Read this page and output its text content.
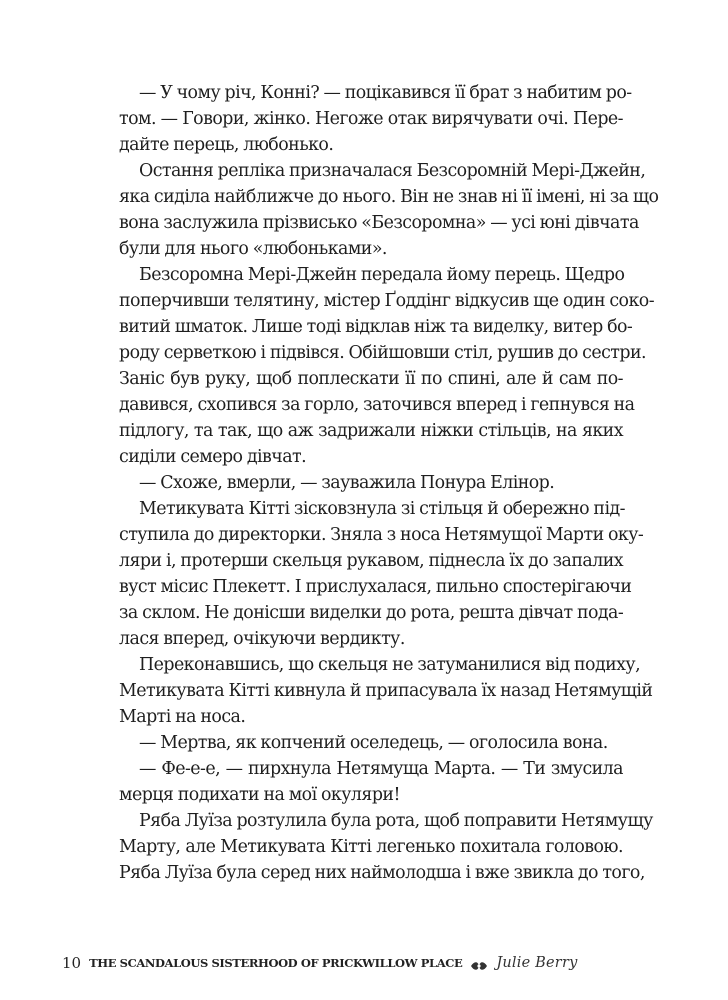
— У чому річ, Конні? — поцікавився її брат з набитим ро-
том. — Говори, жінко. Негоже отак вирячувати очі. Пере-
дайте перець, любонько.
Остання репліка призначалася Безсоромній Мері-Джейн,
яка сиділа найближче до нього. Він не знав ні її імені, ні за що
вона заслужила прізвисько «Безсоромна» — усі юні дівчата
були для нього «любоньками».
Безсоромна Мері-Джейн передала йому перець. Щедро
поперчивши телятину, містер Ґоддінг відкусив ще один соко-
витий шматок. Лише тоді відклав ніж та виделку, витер бо-
роду серветкою і підвівся. Обійшовши стіл, рушив до сестри.
Заніс був руку, щоб поплескати її по спині, але й сам по-
давився, схопився за горло, заточився вперед і гепнувся на
підлогу, та так, що аж задрижали ніжки стільців, на яких
сиділи семеро дівчат.
— Схоже, вмерли, — зауважила Понура Елінор.
Метикувата Кітті зісковзнула зі стільця й обережно під-
ступила до директорки. Зняла з носа Нетямущої Марти оку-
ляри і, протерши скельця рукавом, піднесла їх до запалих
вуст місис Плекетт. І прислухалася, пильно спостерігаючи
за склом. Не донісши виделки до рота, решта дівчат пода-
лася вперед, очікуючи вердикту.
Переконавшись, що скельця не затуманилися від подиху,
Метикувата Кітті кивнула й припасувала їх назад Нетямущій
Марті на носа.
— Мертва, як копчений оселедець, — оголосила вона.
— Фе-е-е, — пирхнула Нетямуща Марта. — Ти змусила
мерця подихати на мої окуляри!
Ряба Луїза розтулила була рота, щоб поправити Нетямущу
Марту, але Метикувата Кітті легенько похитала головою.
Ряба Луїза була серед них наймолодша і вже звикла до того,
10 THE SCANDALOUS SISTERHOOD OF PRICKWILLOW PLACE Julie Berry
